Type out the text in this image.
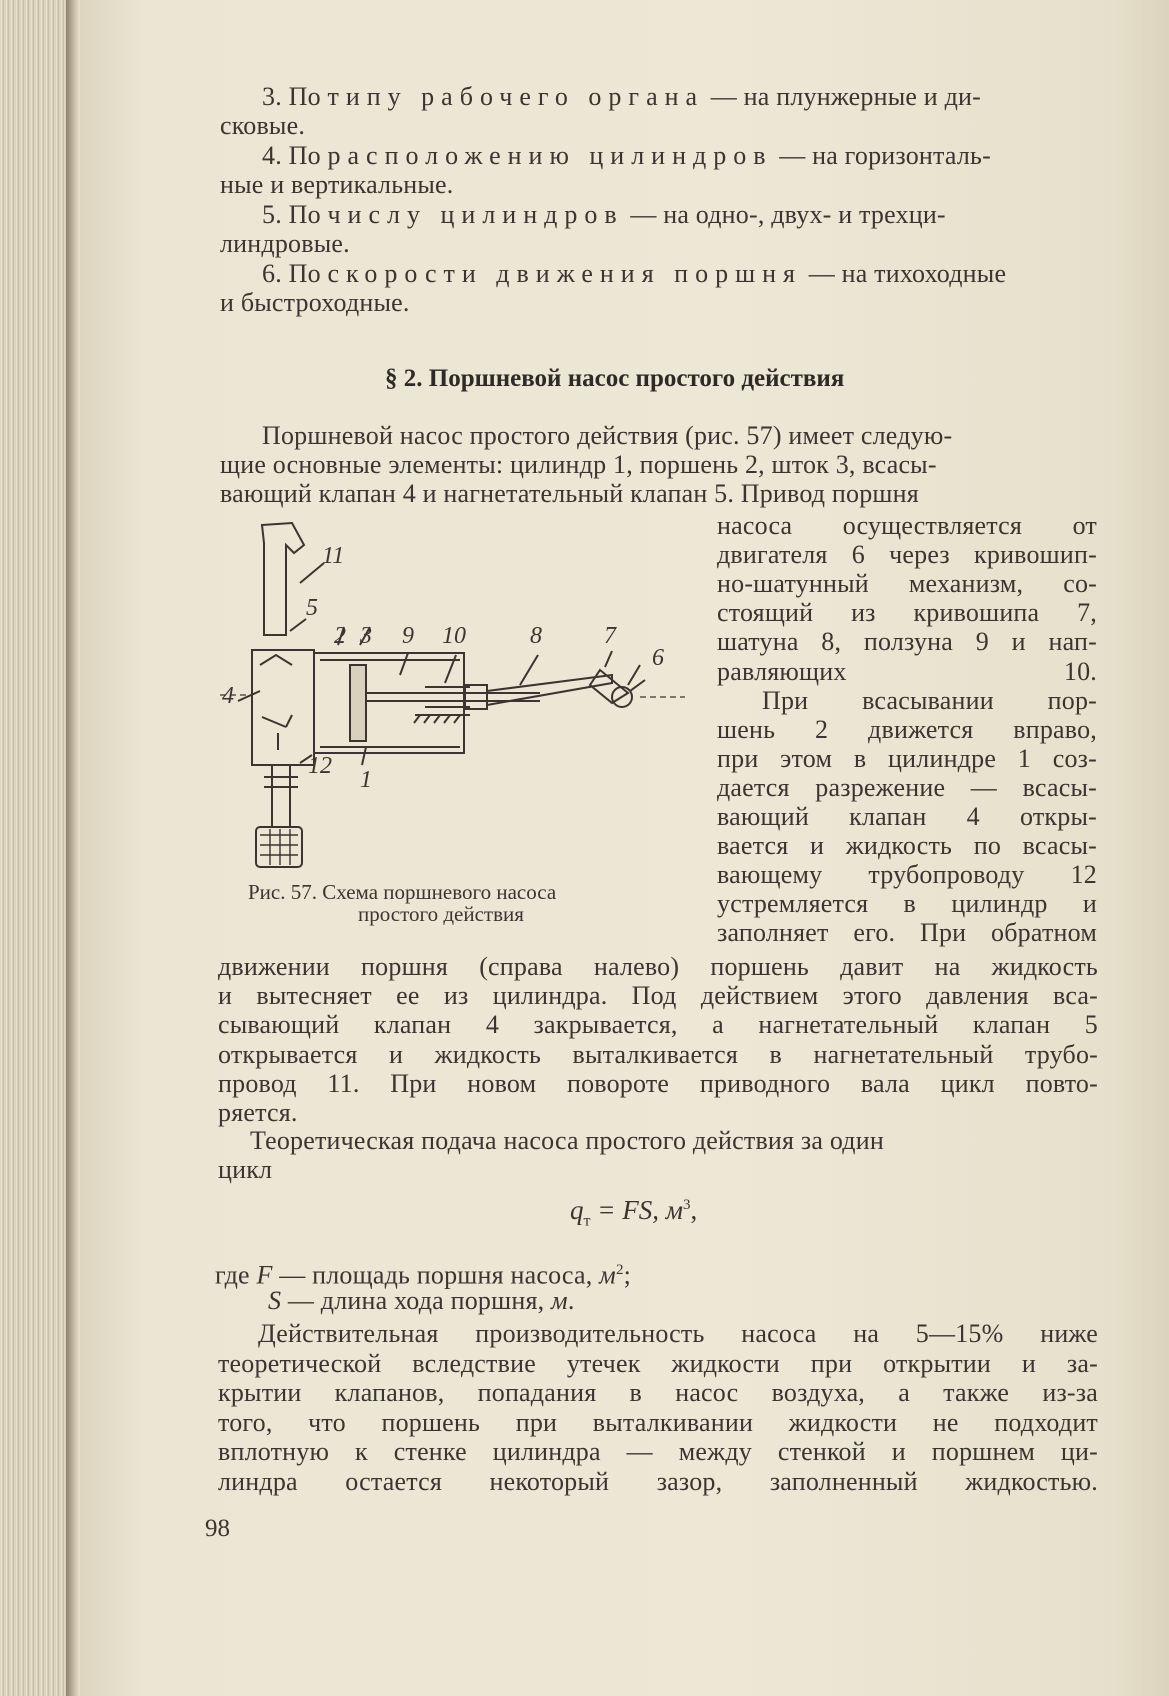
3. По типу рабочего органа — на плунжерные и ди-
сковые.
4. По расположению цилиндров — на горизонталь-
ные и вертикальные.
5. По числу цилиндров — на одно-, двух- и трехци-
линдровые.
6. По скорости движения поршня — на тихоходные
и быстроходные.
§ 2. Поршневой насос простого действия
Поршневой насос простого действия (рис. 57) имеет следую-
щие основные элементы: цилиндр 1, поршень 2, шток 3, всасы-
вающий клапан 4 и нагнетательный клапан 5. Привод поршня
насоса осуществляется от
двигателя 6 через кривошип-
но-шатунный механизм, со-
стоящий из кривошипа 7,
шатуна 8, ползуна 9 и нап-
равляющих 10.
При всасывании пор-
шень 2 движется вправо,
при этом в цилиндре 1 соз-
дается разрежение — всасы-
вающий клапан 4 откры-
вается и жидкость по всасы-
вающему трубопроводу 12
устремляется в цилиндр и
заполняет его. При обратном
11
5
2 3 9 10	8	7
6
4
1
12
Рис. 57. Схема поршневого насоса
простого действия
движении поршня (справа налево) поршень давит на жидкость
и вытесняет ее из цилиндра. Под действием этого давления вса-
сывающий клапан 4 закрывается, а нагнетательный клапан 5
открывается и жидкость выталкивается в нагнетательный трубо-
провод 11. При новом повороте приводного вала цикл повто-
ряется.
Теоретическая подача насоса простого действия за один
цикл
$q_т$ = FS, $м^3$,
где F — площадь поршня насоса, $м^2$;
S — длина хода поршня, м.
Действительная производительность насоса на 5—15% ниже
теоретической вследствие утечек жидкости при открытии и за-
крытии клапанов, попадания в насос воздуха, а также из-за
того, что поршень при выталкивании жидкости не подходит
вплотную к стенке цилиндра — между стенкой и поршнем ци-
линдра остается некоторый зазор, заполненный жидкостью.
98
